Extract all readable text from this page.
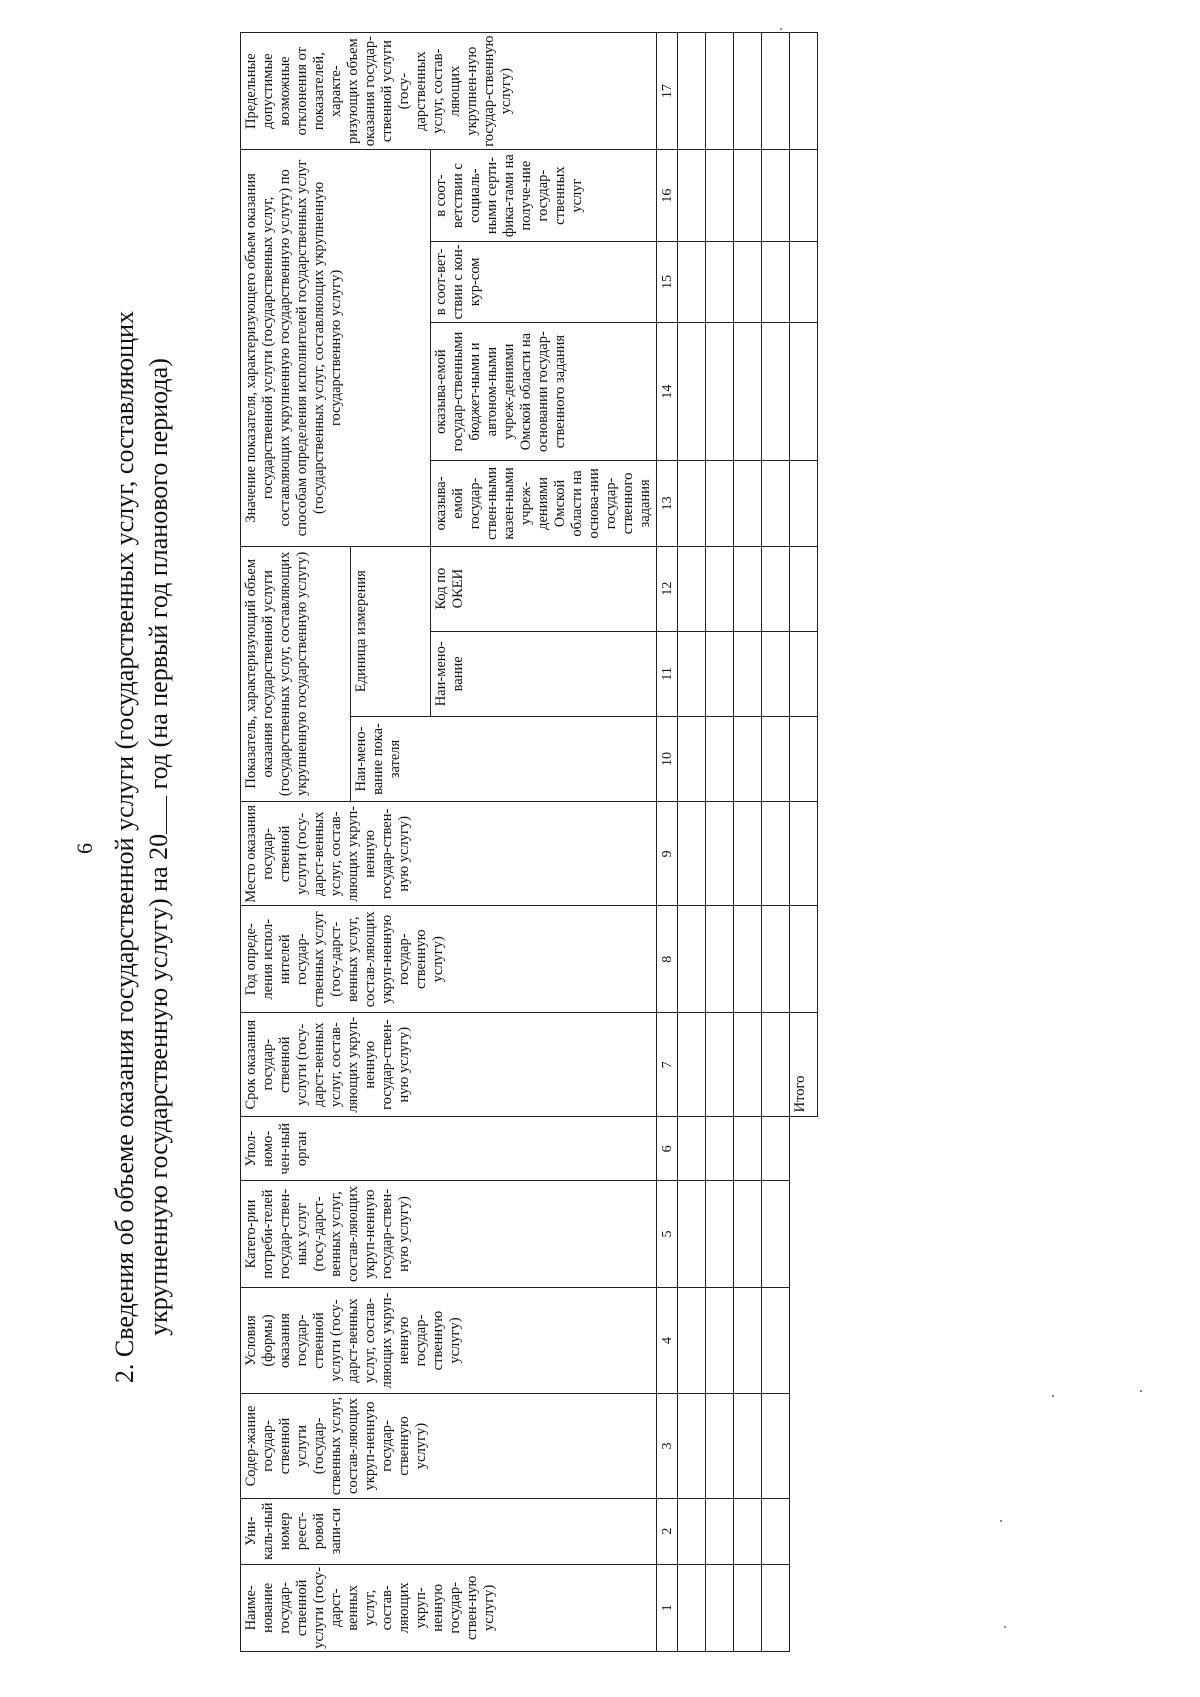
6 2. Сведения об объеме оказания государственной услуги (государственных услуг, составляющих укрупненную государственную услугу) на 20 год (на первый год планового периода)
Наиме-нование государ-ственной услуги (госу-дарст-венных услуг, состав-ляющих укруп-ненную государ-ствен-ную услугу)	Уни-каль-ный номер реест-ровой запи-си	Содер-жание государ-ственной услуги (государ-ственных услуг, состав-ляющих укруп-ненную государ-ственную услугу)	Условия (формы) оказания государ-ственной услуги (госу-дарст-венных услуг, состав-ляющих укруп-ненную государ-ственную услугу)	Катего-рии потреби-телей государ-ствен-ных услуг (госу-дарст-венных услуг, состав-ляющих укруп-ненную государ-ствен-ную услугу)	Упол-номо-чен-ный орган	Срок оказания государ-ственной услуги (госу-дарст-венных услуг, состав-ляющих укруп-ненную государ-ствен-ную услугу)	Год опреде-ления испол-нителей государ-ственных услуг (госу-дарст-венных услуг, состав-ляющих укруп-ненную государ-ственную услугу)	Место оказания государ-ственной услуги (госу-дарст-венных услуг, состав-ляющих укруп-ненную государ-ствен-ную услугу)	Показатель, характеризующий объем оказания государственной услуги (государственных услуг, составляющих укрупненную государственную услугу)			Значение показателя, характеризующего объем оказания государственной услуги (государственных услуг, составляющих укрупненную государственную услугу) по способам определения исполнителей государственных услуг (государственных услуг, составляющих укрупненную государственную услугу)				Предельные допустимые возможные отклонения от показателей, характе-ризующих объем оказания государ-ственной услуги (госу-дарственных услуг, состав-ляющих укрупнен-ную государ-ственную услугу)
									Наи-мено-вание пока-зателя	Единица измерения						
										Наи-мено-вание	Код по ОКЕИ	оказыва-емой государ-ствен-ными казен-ными учреж-дениями Омской области на основа-нии государ-ственного задания	оказыва-емой государ-ственными бюджет-ными и автоном-ными учреж-дениями Омской области на основании государ-ственного задания	в соот-вет-ствии с кон-кур-сом	в соот-ветствии с социаль-ными серти-фика-тами на получе-ние государ-ственных услуг	
1	2	3	4	5	6	7	8	9	10	11	12	13	14	15	16	17

						Итого										
